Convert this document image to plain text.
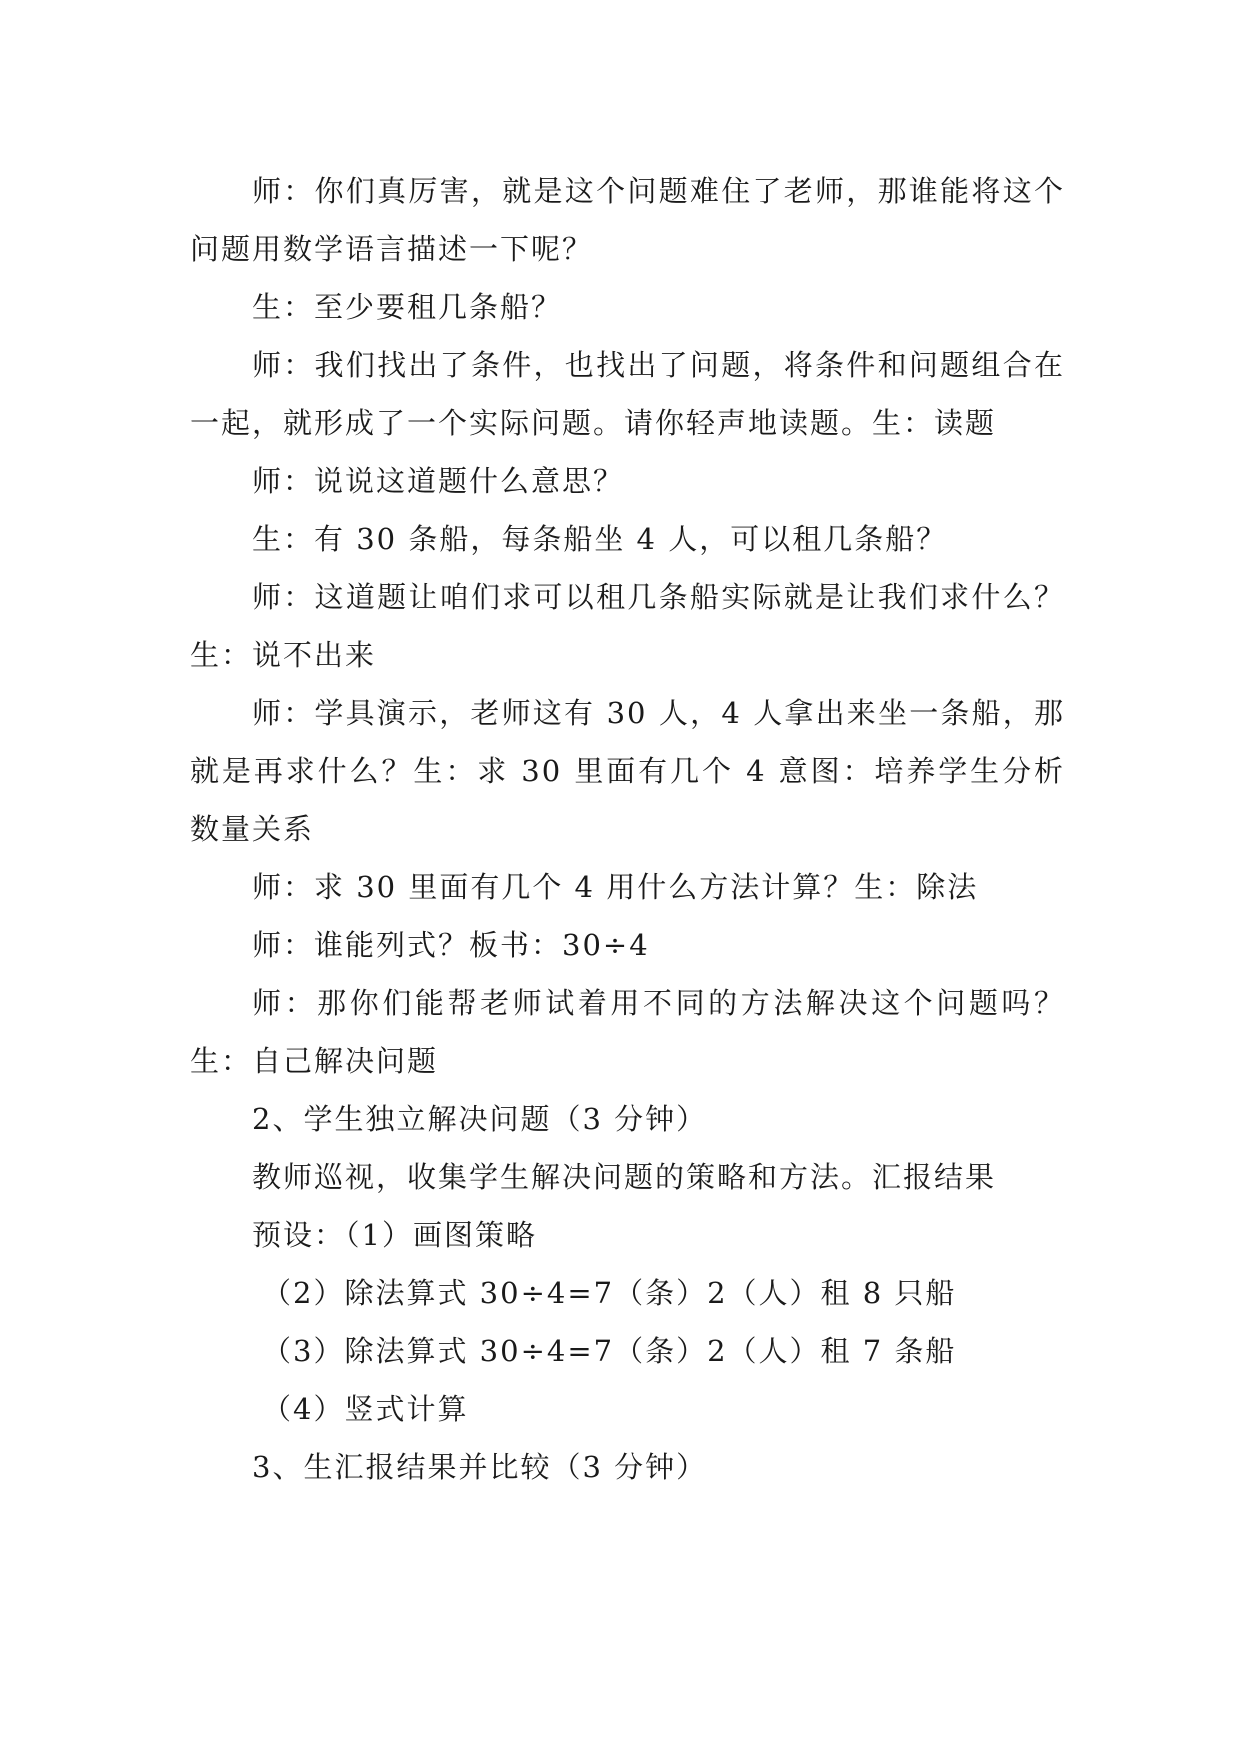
师：你们真厉害，就是这个问题难住了老师，那谁能将这个问题用数学语言描述一下呢？

生：至少要租几条船？

师：我们找出了条件，也找出了问题，将条件和问题组合在一起，就形成了一个实际问题。请你轻声地读题。生：读题

师：说说这道题什么意思？

生：有 30 条船，每条船坐 4 人，可以租几条船？

师：这道题让咱们求可以租几条船实际就是让我们求什么？生：说不出来

师：学具演示，老师这有 30 人，4 人拿出来坐一条船，那就是再求什么？生：求 30 里面有几个 4 意图：培养学生分析数量关系

师：求 30 里面有几个 4 用什么方法计算？生：除法

师：谁能列式？板书：30÷4

师：那你们能帮老师试着用不同的方法解决这个问题吗？生：自己解决问题

2、学生独立解决问题（3 分钟）

教师巡视，收集学生解决问题的策略和方法。汇报结果

预设：（1）画图策略

（2）除法算式 30÷4=7（条）2（人）租 8 只船

（3）除法算式 30÷4=7（条）2（人）租 7 条船

（4）竖式计算

3、生汇报结果并比较（3 分钟）
